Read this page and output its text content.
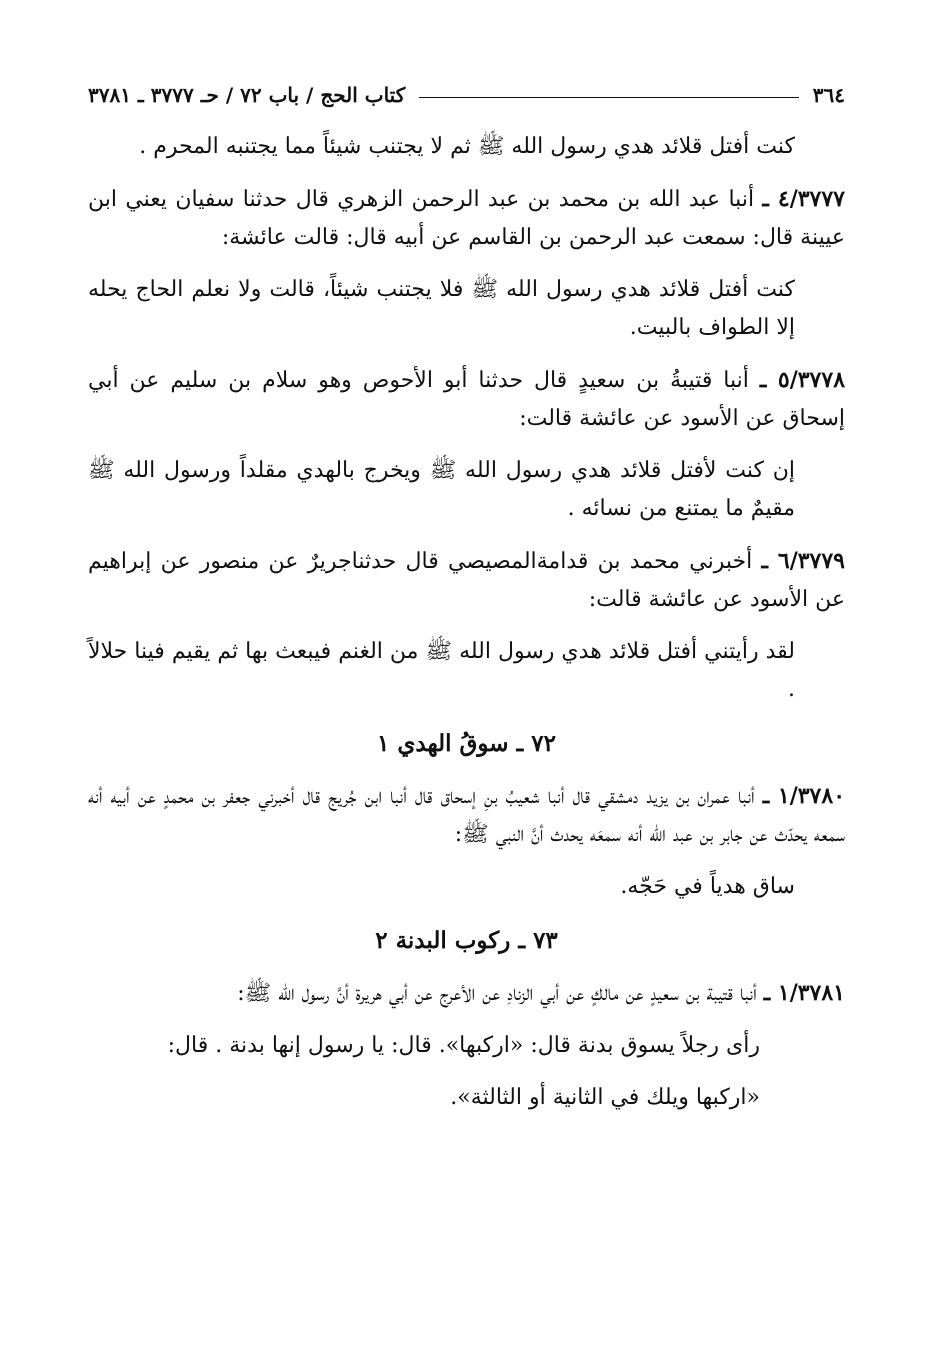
٣٦٤
كتاب الحج / باب ٧٢ / حـ ٣٧٧٧ ـ ٣٧٨١

كنت أفتل قلائد هدي رسول الله ﷺ ثم لا يجتنب شيئاً مما يجتنبه المحرم .

٤/٣٧٧٧ ـ أنبا عبد الله بن محمد بن عبد الرحمن الزهري قال حدثنا سفيان يعني ابن عيينة قال: سمعت عبد الرحمن بن القاسم عن أبيه قال: قالت عائشة:

كنت أفتل قلائد هدي رسول الله ﷺ فلا يجتنب شيئاً، قالت ولا نعلم الحاج يحله إلا الطواف بالبيت.

٥/٣٧٧٨ ـ أنبا قتيبةُ بن سعيدٍ قال حدثنا أبو الأحوص وهو سلام بن سليم عن أبي إسحاق عن الأسود عن عائشة قالت:

إن كنت لأفتل قلائد هدي رسول الله ﷺ ويخرج بالهدي مقلداً ورسول الله ﷺ مقيمٌ ما يمتنع من نسائه .

٦/٣٧٧٩ ـ أخبرني محمد بن قدامةالمصيصي قال حدثناجريرٌ عن منصور عن إبراهيم عن الأسود عن عائشة قالت:

لقد رأيتني أفتل قلائد هدي رسول الله ﷺ من الغنم فيبعث بها ثم يقيم فينا حلالاً .

٧٢ ـ سوقُ الهدي ١

١/٣٧٨٠ ـ أنبا عمران بن يزيد دمشقي قال أنبا شعيبُ بنِ إسحاق قال أنبا ابن جُريج قال أخبرني جعفر بن محمدٍ عن أبيه أنه سمعه يحدّث عن جابر بن عبد الله أنه سمعَه يحدث أنَّ النبي ﷺ:

ساق هدياً في حَجّه.

٧٣ ـ ركوب البدنة ٢

١/٣٧٨١ ـ أنبا قتيبة بن سعيدٍ عن مالكٍ عن أبي الزنادِ عن الأعرج عن أبي هريرة أنَّ رسول الله ﷺ:

رأى رجلاً يسوق بدنة قال: «اركبها». قال: يا رسول إنها بدنة . قال:

«اركبها ويلك في الثانية أو الثالثة».
